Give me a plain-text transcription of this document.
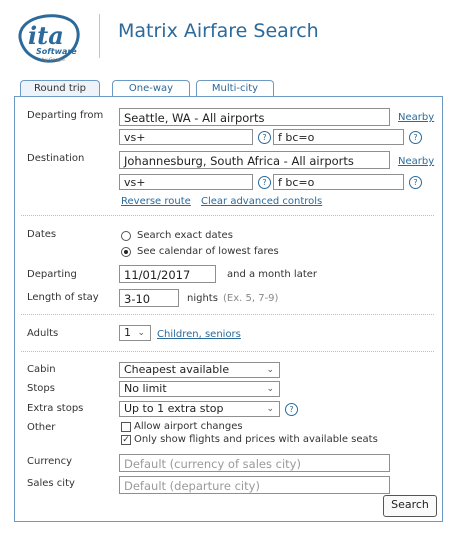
ita
Software
by Google
Matrix Airfare Search
Round trip	One-way	Multi-city
Departing from	Seattle, WA - All airports	Nearby
vs+	?	f bc=o	?
Destination	Johannesburg, South Africa - All airports	Nearby
vs+	?	f bc=o	?
Reverse route Clear advanced controls
Dates	Search exact dates
See calendar of lowest fares
Departing	11/01/2017	and a month later
Length of stay	3-10	nights (Ex. 5, 7-9)
Adults	1 ⌄ Children, seniors
Cabin	Cheapest available	⌄
Stops	No limit	⌄
Extra stops	Up to 1 extra stop	⌄	?
Other	Allow airport changes
✓ Only show flights and prices with available seats
Currency	Default (currency of sales city)
Sales city	Default (departure city)
Search
